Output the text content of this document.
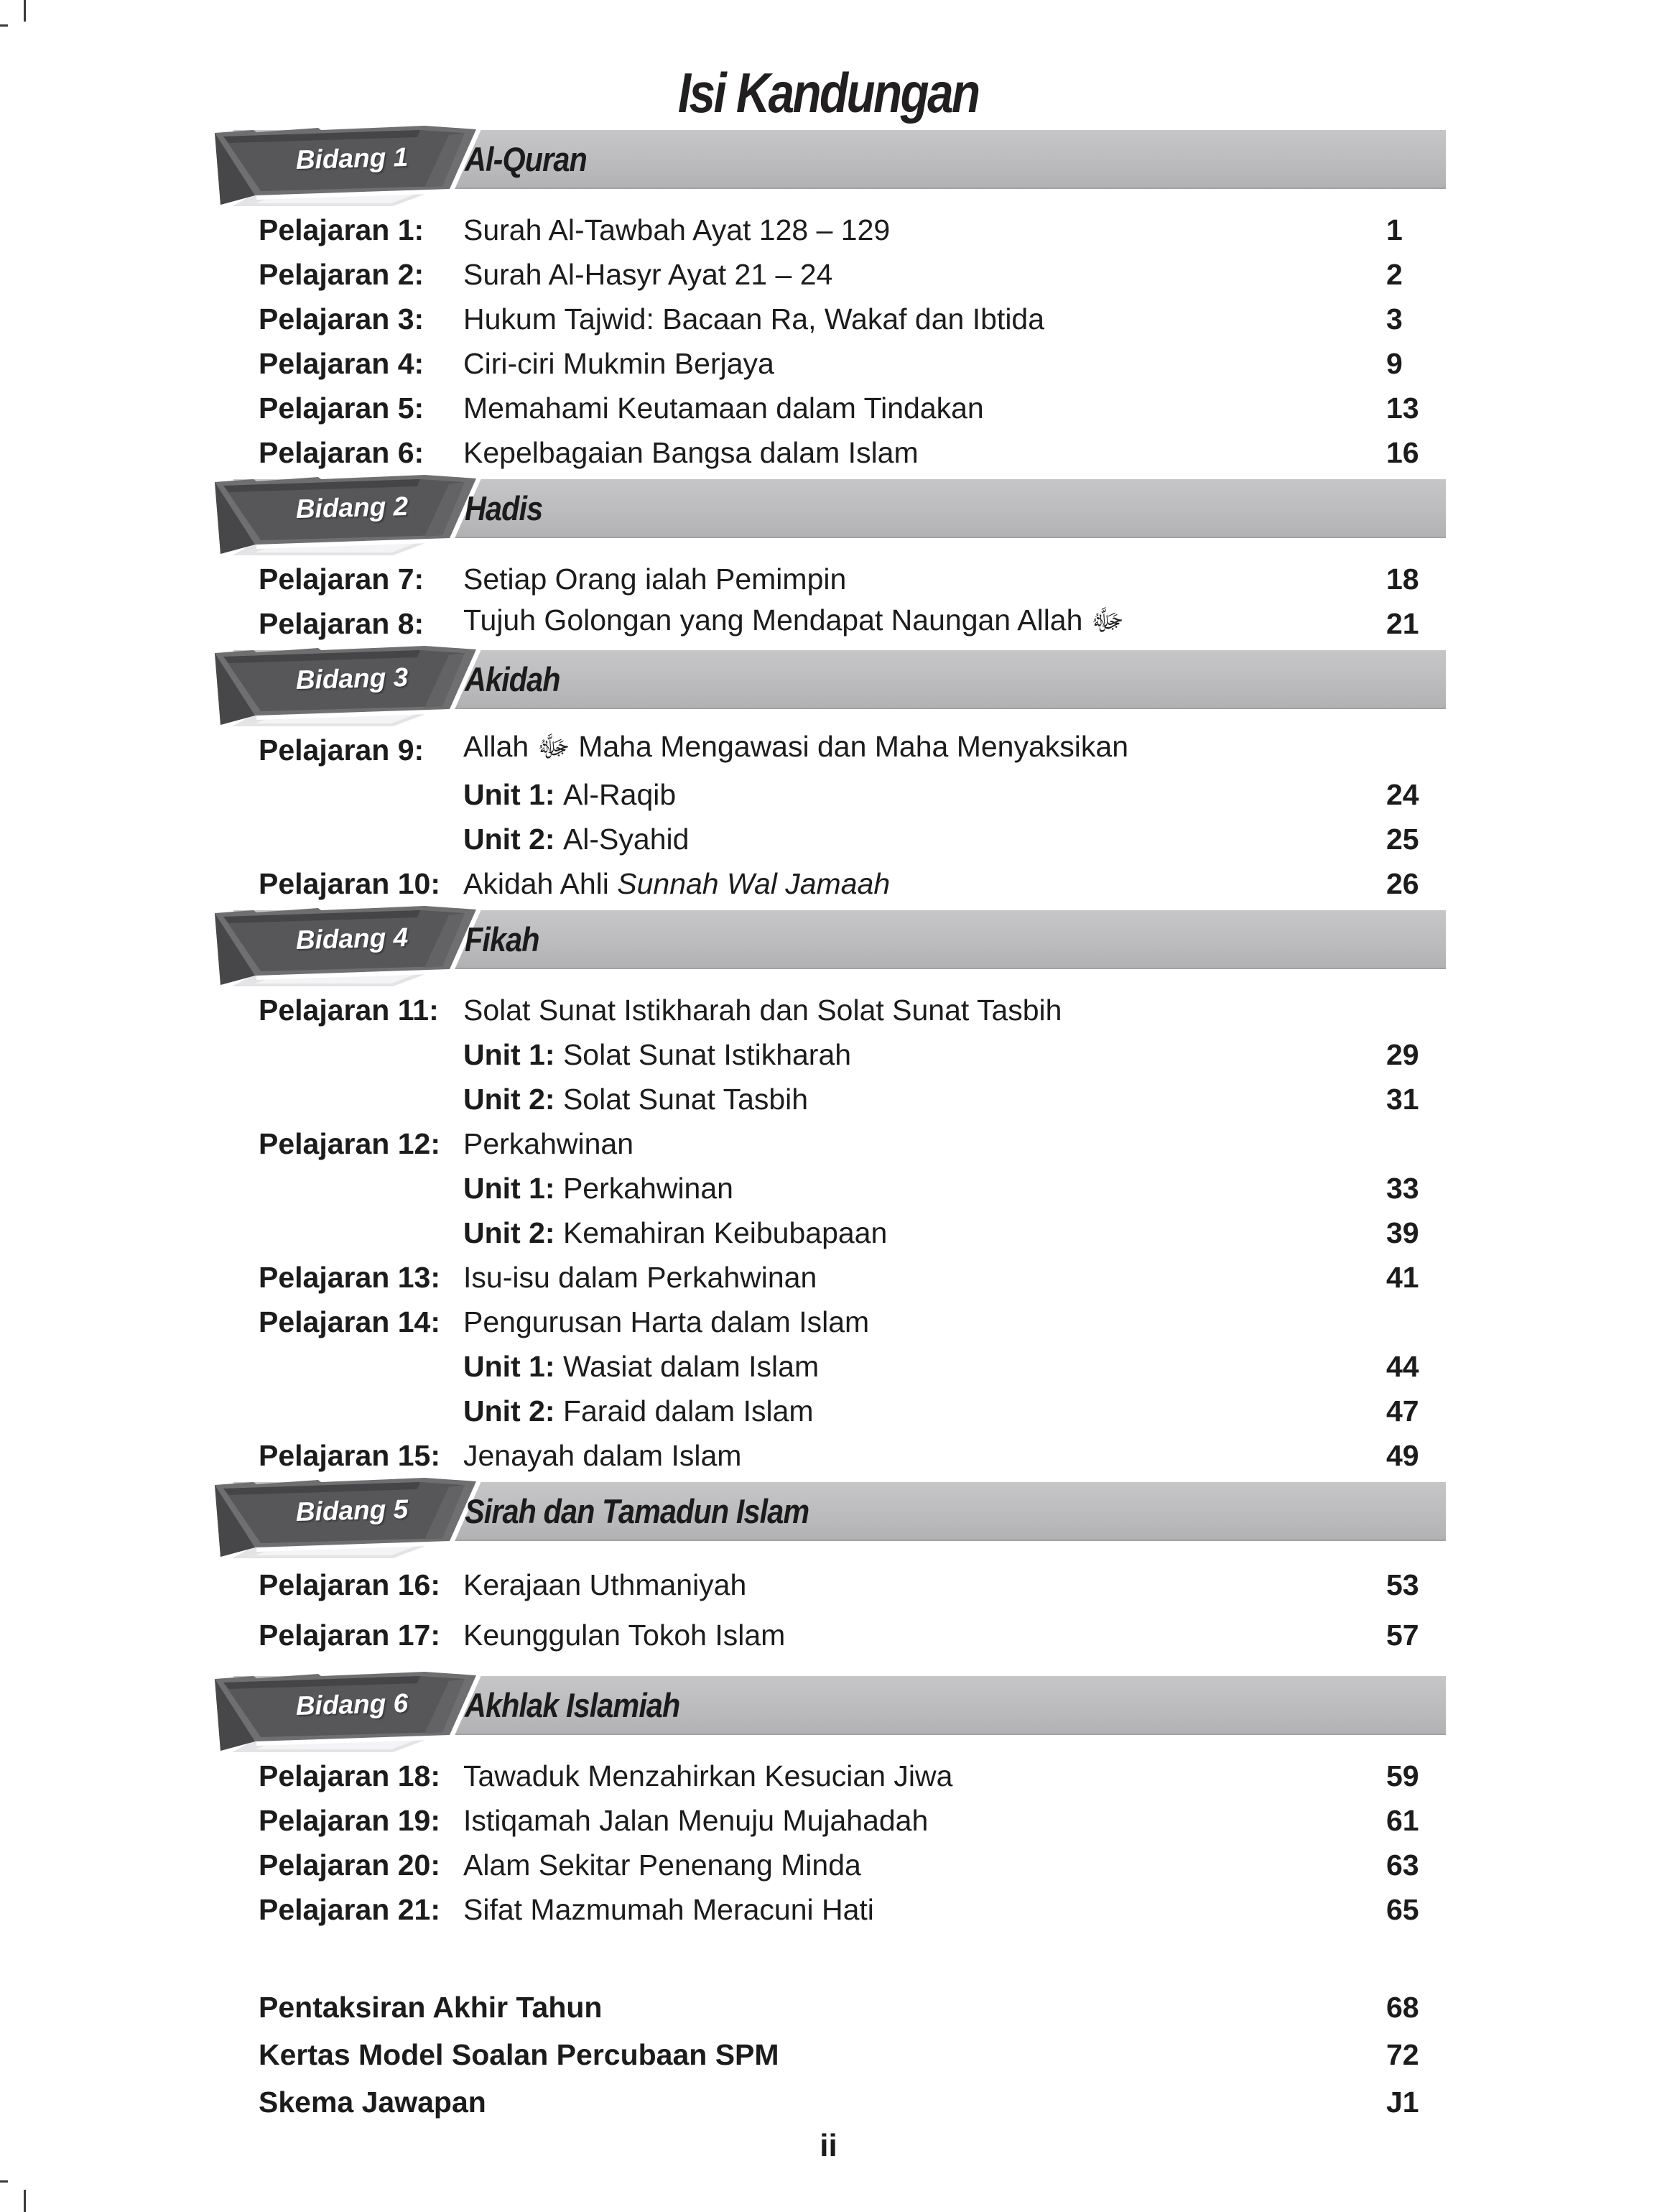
Isi Kandungan
Bidang 1	Al-Quran
Pelajaran 1:	Surah Al-Tawbah Ayat 128 – 129	1
Pelajaran 2:	Surah Al-Hasyr Ayat 21 – 24	2
Pelajaran 3:	Hukum Tajwid: Bacaan Ra, Wakaf dan Ibtida	3
Pelajaran 4:	Ciri-ciri Mukmin Berjaya	9
Pelajaran 5:	Memahami Keutamaan dalam Tindakan	13
Pelajaran 6:	Kepelbagaian Bangsa dalam Islam	16
Bidang 2	Hadis
Pelajaran 7:	Setiap Orang ialah Pemimpin	18
Pelajaran 8:	Tujuh Golongan yang Mendapat Naungan Allah ﷻ	21
Bidang 3	Akidah
Pelajaran 9:	Allah ﷻ Maha Mengawasi dan Maha Menyaksikan
Unit 1: Al-Raqib	24
Unit 2: Al-Syahid	25
Pelajaran 10: Akidah Ahli Sunnah Wal Jamaah	26
Bidang 4	Fikah
Pelajaran 11: Solat Sunat Istikharah dan Solat Sunat Tasbih
Unit 1: Solat Sunat Istikharah	29
Unit 2: Solat Sunat Tasbih	31
Pelajaran 12: Perkahwinan
Unit 1: Perkahwinan	33
Unit 2: Kemahiran Keibubapaan	39
Pelajaran 13: Isu-isu dalam Perkahwinan	41
Pelajaran 14: Pengurusan Harta dalam Islam
Unit 1: Wasiat dalam Islam	44
Unit 2: Faraid dalam Islam	47
Pelajaran 15: Jenayah dalam Islam	49
Bidang 5	Sirah dan Tamadun Islam
Pelajaran 16: Kerajaan Uthmaniyah	53
Pelajaran 17: Keunggulan Tokoh Islam	57
Bidang 6	Akhlak Islamiah
Pelajaran 18: Tawaduk Menzahirkan Kesucian Jiwa	59
Pelajaran 19: Istiqamah Jalan Menuju Mujahadah	61
Pelajaran 20: Alam Sekitar Penenang Minda	63
Pelajaran 21: Sifat Mazmumah Meracuni Hati	65
Pentaksiran Akhir Tahun	68
Kertas Model Soalan Percubaan SPM	72
Skema Jawapan	J1
ii
